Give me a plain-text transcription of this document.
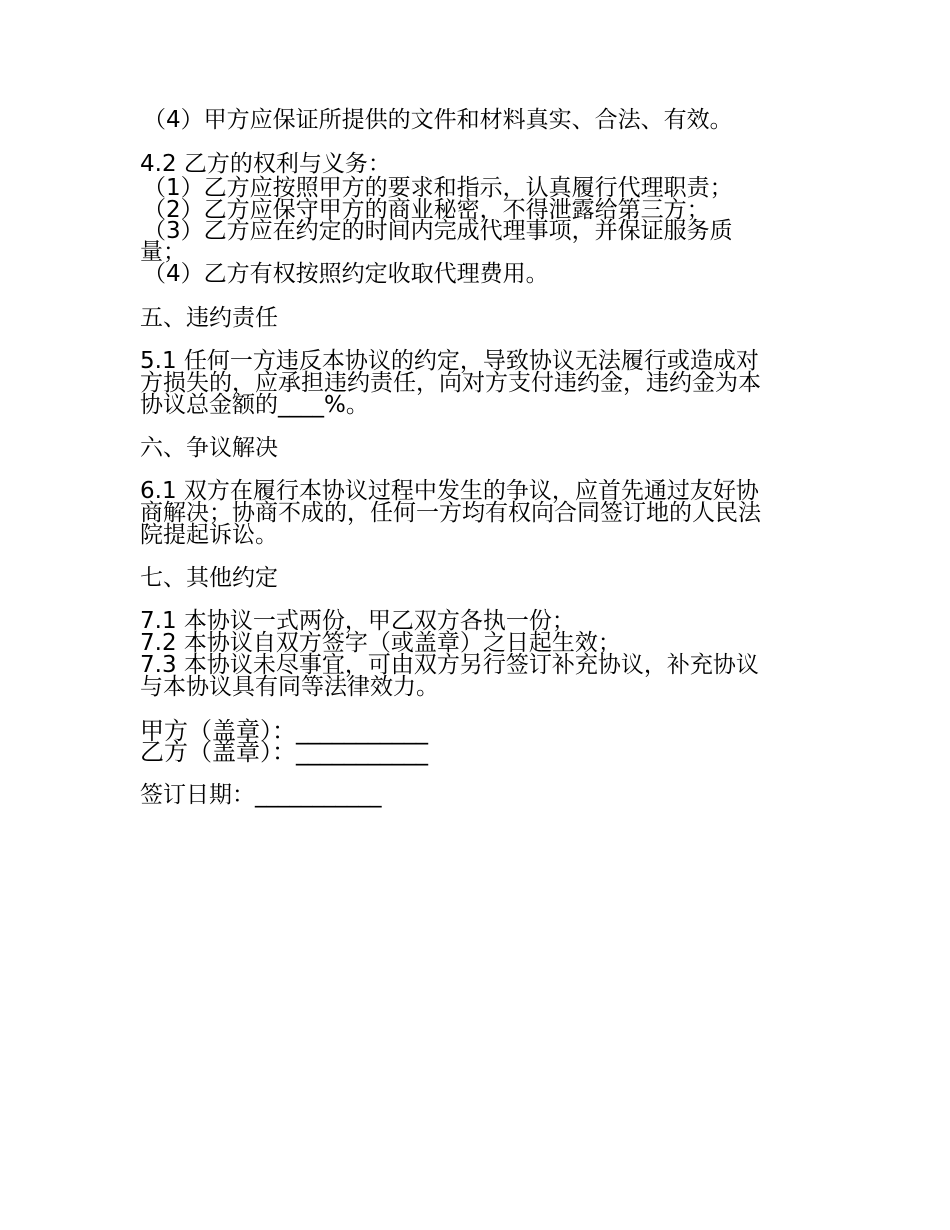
（4）甲方应保证所提供的文件和材料真实、合法、有效。
4.2 乙方的权利与义务：
（1）乙方应按照甲方的要求和指示，认真履行代理职责；
（2）乙方应保守甲方的商业秘密，不得泄露给第三方；
（3）乙方应在约定的时间内完成代理事项，并保证服务质
量；
（4）乙方有权按照约定收取代理费用。
五、违约责任
5.1 任何一方违反本协议的约定，导致协议无法履行或造成对
方损失的，应承担违约责任，向对方支付违约金，违约金为本
协议总金额的____%。
六、争议解决
6.1 双方在履行本协议过程中发生的争议，应首先通过友好协
商解决；协商不成的，任何一方均有权向合同签订地的人民法
院提起诉讼。
七、其他约定
7.1 本协议一式两份，甲乙双方各执一份；
7.2 本协议自双方签字（或盖章）之日起生效；
7.3 本协议未尽事宜，可由双方另行签订补充协议，补充协议
与本协议具有同等法律效力。
甲方（盖章）：___________
乙方（盖章）：___________
签订日期：___________
